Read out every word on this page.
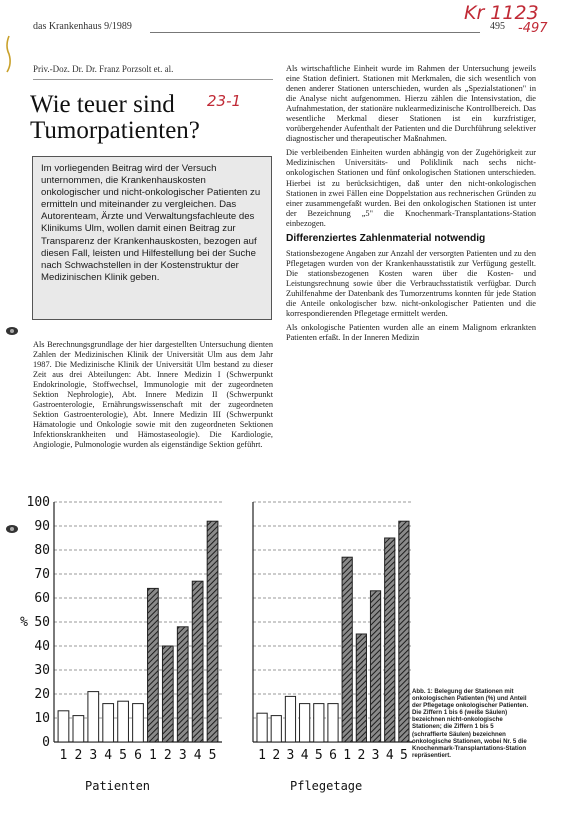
das Krankenhaus 9/1989	495
Kr 1123
-497
Priv.-Doz. Dr. Dr. Franz Porzsolt et. al.
Wie teuer sind
Tumorpatienten?
23-1
Im vorliegenden Beitrag wird der Versuch unternommen, die Krankenhauskosten onkologischer und nicht-onkologischer Patienten zu ermitteln und miteinander zu vergleichen. Das Autorenteam, Ärzte und Verwaltungsfachleute des Klinikums Ulm, wollen damit einen Beitrag zur Transparenz der Krankenhauskosten, bezogen auf diesen Fall, leisten und Hilfestellung bei der Suche nach Schwachstellen in der Kostenstruktur der Medizinischen Klinik geben.

Als Berechnungsgrundlage der hier dargestellten Untersuchung dienten Zahlen der Medizinischen Klinik der Universität Ulm aus dem Jahr 1987. Die Medizinische Klinik der Universität Ulm bestand zu dieser Zeit aus drei Abteilungen: Abt. Innere Medizin I (Schwerpunkt Endokrinologie, Stoffwechsel, Immunologie mit der zugeordneten Sektion Nephrologie), Abt. Innere Medizin II (Schwerpunkt Gastroenterologie, Ernährungswissenschaft mit der zugeordneten Sektion Gastroenterologie), Abt. Innere Medizin III (Schwerpunkt Hämatologie und Onkologie sowie mit den zugeordneten Sektionen Infektionskrankheiten und Hämostaseologie). Die Kardiologie, Angiologie, Pulmonologie wurden als eigenständige Sektion geführt.

Als wirtschaftliche Einheit wurde im Rahmen der Untersuchung jeweils eine Station definiert. Stationen mit Merkmalen, die sich wesentlich von denen anderer Stationen unterschieden, wurden als „Spezialstationen" in die Analyse nicht aufgenommen. Hierzu zählen die Intensivstation, die Aufnahmestation, der stationäre nuklearmedizinische Kontrollbereich. Das wesentliche Merkmal dieser Stationen ist ein kurzfristiger, vorübergehender Aufenthalt der Patienten und die Durchführung selektiver diagnostischer und therapeutischer Maßnahmen.

Die verbleibenden Einheiten wurden abhängig von der Zugehörigkeit zur Medizinischen Universitäts- und Poliklinik nach sechs nicht-onkologischen Stationen und fünf onkologischen Stationen unterschieden. Hierbei ist zu berücksichtigen, daß unter den nicht-onkologischen Stationen in zwei Fällen eine Doppelstation aus rechnerischen Gründen zu einer zusammengefaßt wurden. Bei den onkologischen Stationen ist unter der Bezeichnung „5" die Knochenmark-Transplantations-Station einbezogen.

Differenziertes Zahlenmaterial notwendig

Stationsbezogene Angaben zur Anzahl der versorgten Patienten und zu den Pflegetagen wurden von der Krankenhausstatistik zur Verfügung gestellt. Die stationsbezogenen Kosten waren über die Kosten- und Leistungsrechnung sowie über die Verbrauchsstatistik verfügbar. Durch Zuhilfenahme der Datenbank des Tumorzentrums konnten für jede Station die Anteile onkologischer bzw. nicht-onkologischer Patienten und die korrespondierenden Pflegetage ermittelt werden.

Als onkologische Patienten wurden alle an einem Malignom erkrankten Patienten erfaßt. In der Inneren Medizin

0
10
20
30
40
50
60
70
80
90
100
%
1 2 3 4 5 6 1 2 3 4 5
Patienten
1 2 3 4 5 6 1 2 3 4 5
Pflegetage
Abb. 1: Belegung der Stationen mit onkologischen Patienten (%) und Anteil der Pflegetage onkologischer Patienten. Die Ziffern 1 bis 6 (weiße Säulen) bezeichnen nicht-onkologische Stationen; die Ziffern 1 bis 5 (schraffierte Säulen) bezeichnen onkologische Stationen, wobei Nr. 5 die Knochenmark-Transplantations-Station repräsentiert.
